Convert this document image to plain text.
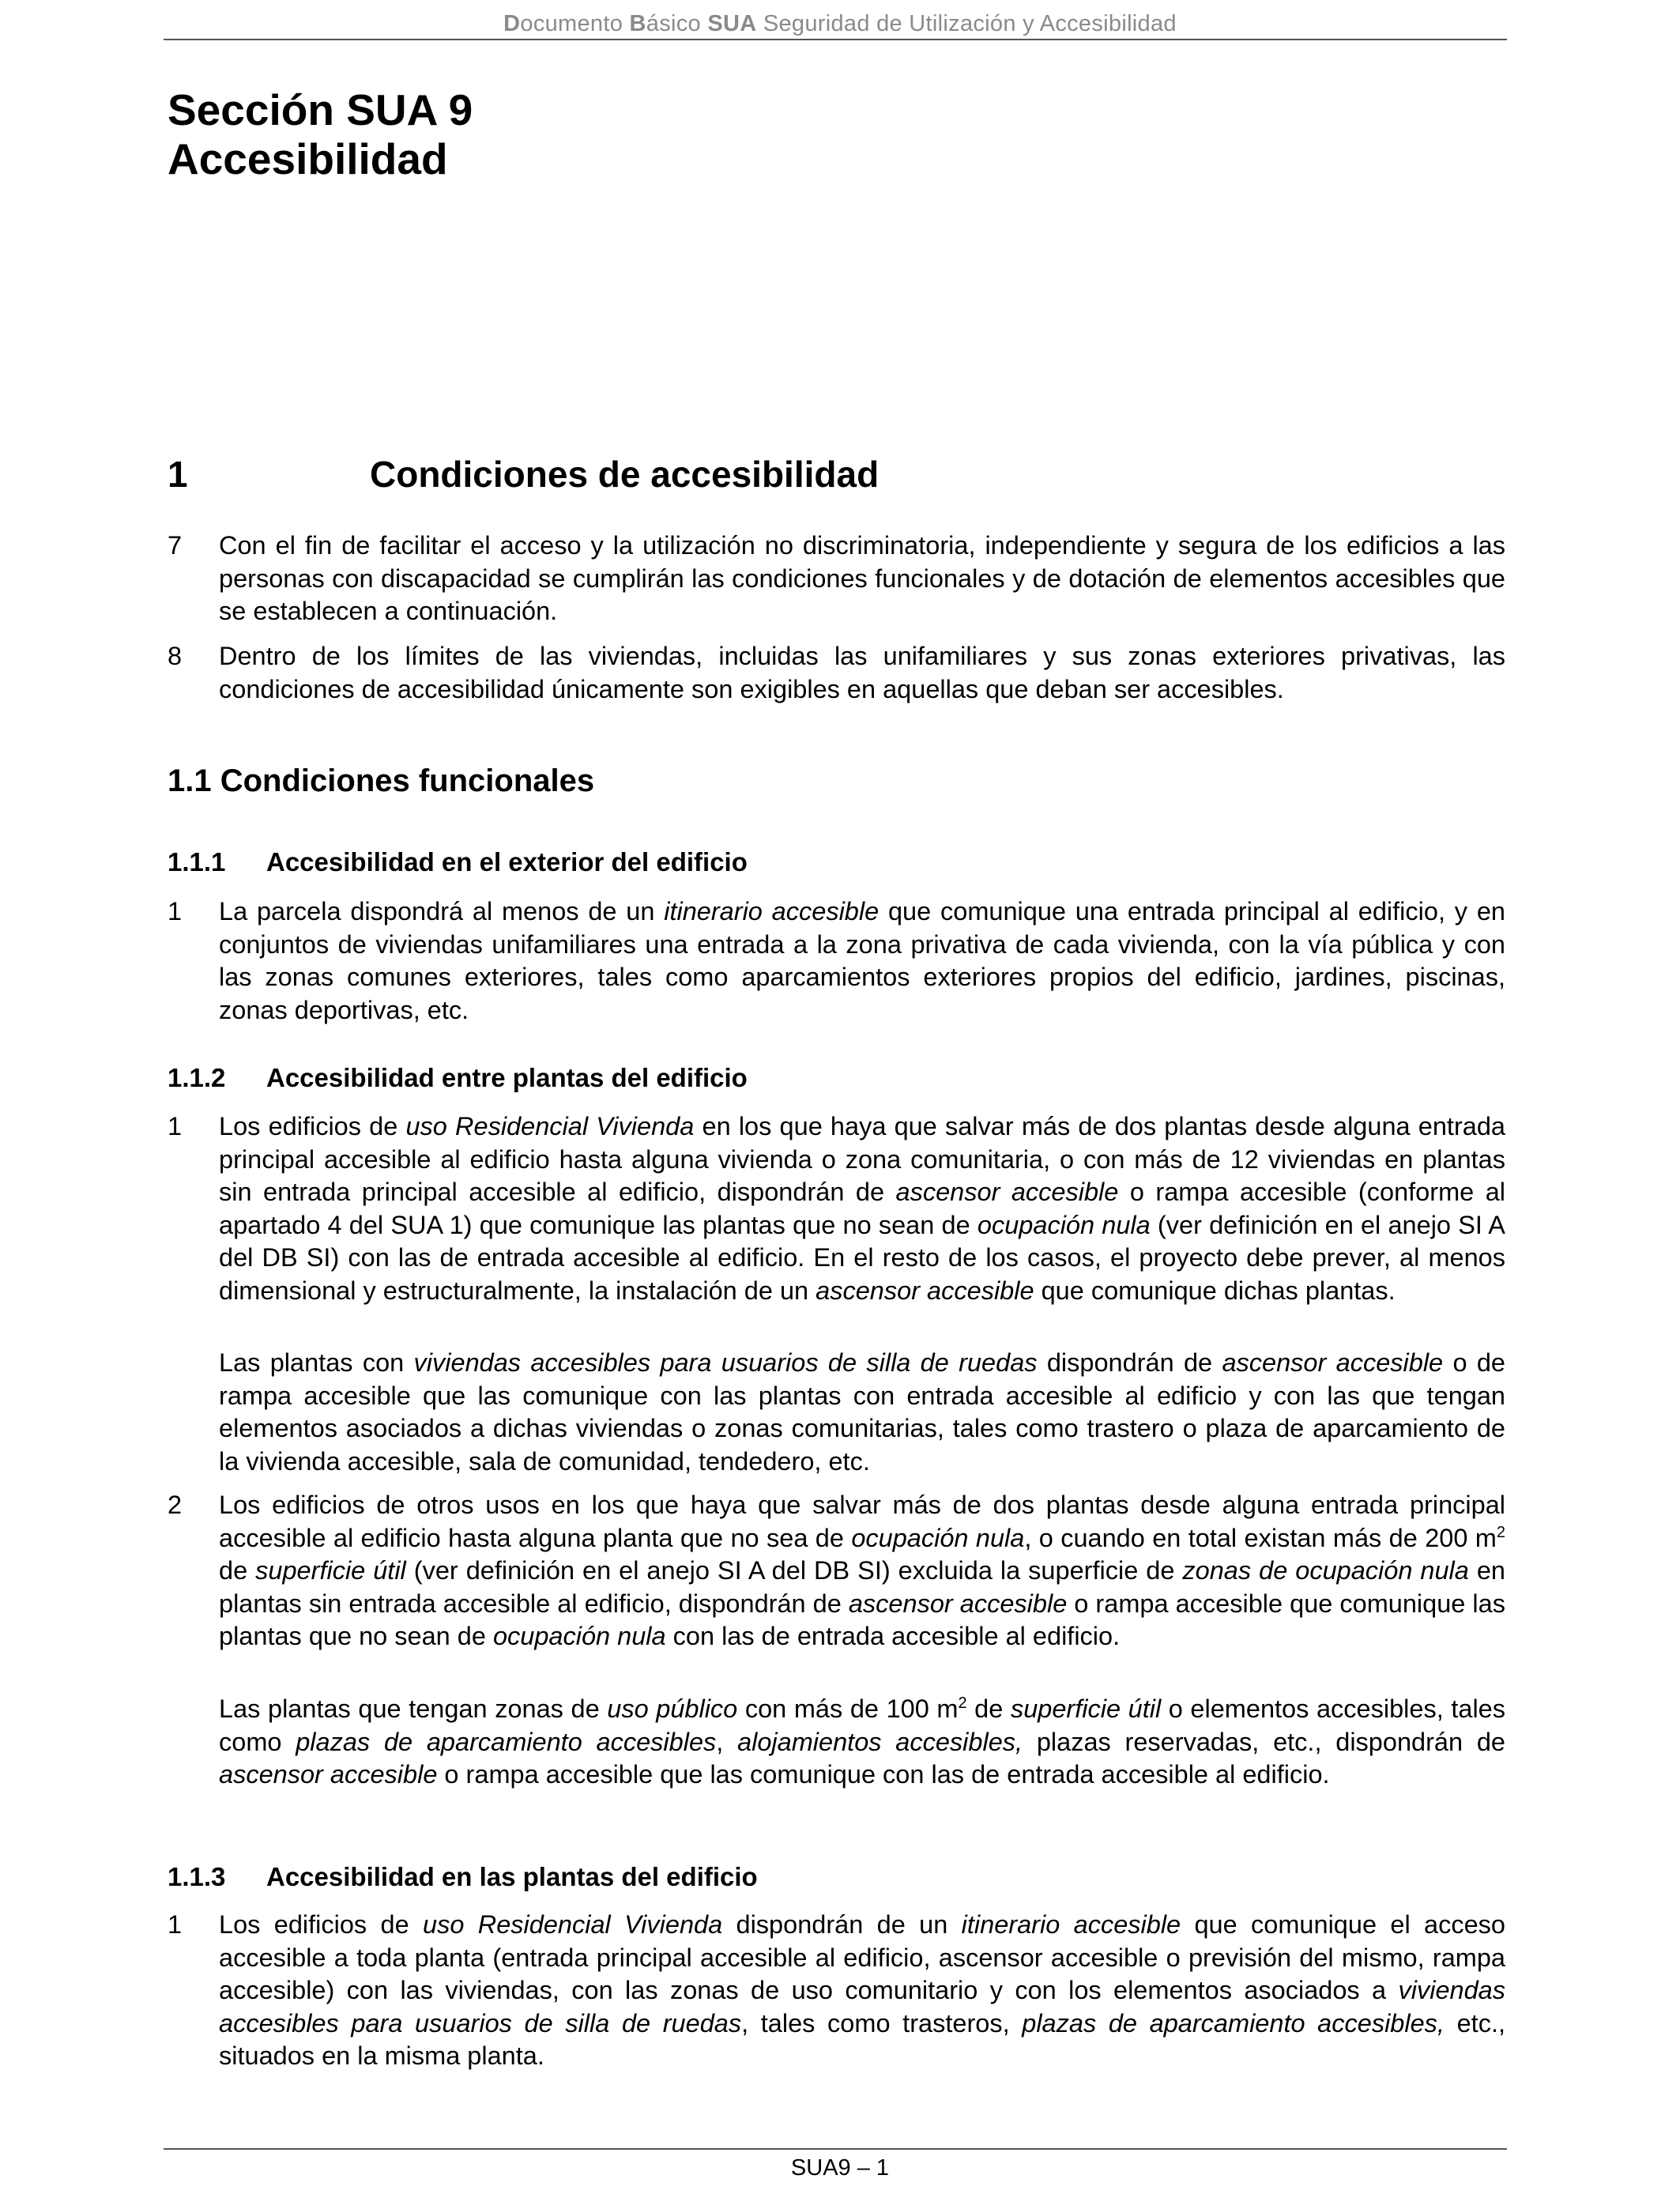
Documento Básico SUA Seguridad de Utilización y Accesibilidad
Sección SUA 9
Accesibilidad
1	Condiciones de accesibilidad
7 Con el fin de facilitar el acceso y la utilización no discriminatoria, independiente y segura de los edificios a las personas con discapacidad se cumplirán las condiciones funcionales y de dotación de elementos accesibles que se establecen a continuación.
8 Dentro de los límites de las viviendas, incluidas las unifamiliares y sus zonas exteriores privativas, las condiciones de accesibilidad únicamente son exigibles en aquellas que deban ser accesibles.
1.1 Condiciones funcionales
1.1.1 Accesibilidad en el exterior del edificio
1 La parcela dispondrá al menos de un itinerario accesible que comunique una entrada principal al edificio, y en conjuntos de viviendas unifamiliares una entrada a la zona privativa de cada vivienda, con la vía pública y con las zonas comunes exteriores, tales como aparcamientos exteriores propios del edificio, jardines, piscinas, zonas deportivas, etc.
1.1.2 Accesibilidad entre plantas del edificio
1 Los edificios de uso Residencial Vivienda en los que haya que salvar más de dos plantas desde alguna entrada principal accesible al edificio hasta alguna vivienda o zona comunitaria, o con más de 12 viviendas en plantas sin entrada principal accesible al edificio, dispondrán de ascensor accesible o rampa accesible (conforme al apartado 4 del SUA 1) que comunique las plantas que no sean de ocupación nula (ver definición en el anejo SI A del DB SI) con las de entrada accesible al edificio. En el resto de los casos, el proyecto debe prever, al menos dimensional y estructuralmente, la instalación de un ascensor accesible que comunique dichas plantas.
Las plantas con viviendas accesibles para usuarios de silla de ruedas dispondrán de ascensor accesible o de rampa accesible que las comunique con las plantas con entrada accesible al edificio y con las que tengan elementos asociados a dichas viviendas o zonas comunitarias, tales como trastero o plaza de aparcamiento de la vivienda accesible, sala de comunidad, tendedero, etc.
2 Los edificios de otros usos en los que haya que salvar más de dos plantas desde alguna entrada principal accesible al edificio hasta alguna planta que no sea de ocupación nula, o cuando en total existan más de 200 $m^2$ de superficie útil (ver definición en el anejo SI A del DB SI) excluida la superficie de zonas de ocupación nula en plantas sin entrada accesible al edificio, dispondrán de ascensor accesible o rampa accesible que comunique las plantas que no sean de ocupación nula con las de entrada accesible al edificio.
Las plantas que tengan zonas de uso público con más de 100 $m^2$ de superficie útil o elementos accesibles, tales como plazas de aparcamiento accesibles, alojamientos accesibles, plazas reservadas, etc., dispondrán de ascensor accesible o rampa accesible que las comunique con las de entrada accesible al edificio.
1.1.3 Accesibilidad en las plantas del edificio
1 Los edificios de uso Residencial Vivienda dispondrán de un itinerario accesible que comunique el acceso accesible a toda planta (entrada principal accesible al edificio, ascensor accesible o previsión del mismo, rampa accesible) con las viviendas, con las zonas de uso comunitario y con los elementos asociados a viviendas accesibles para usuarios de silla de ruedas, tales como trasteros, plazas de aparcamiento accesibles, etc., situados en la misma planta.
SUA9 – 1
